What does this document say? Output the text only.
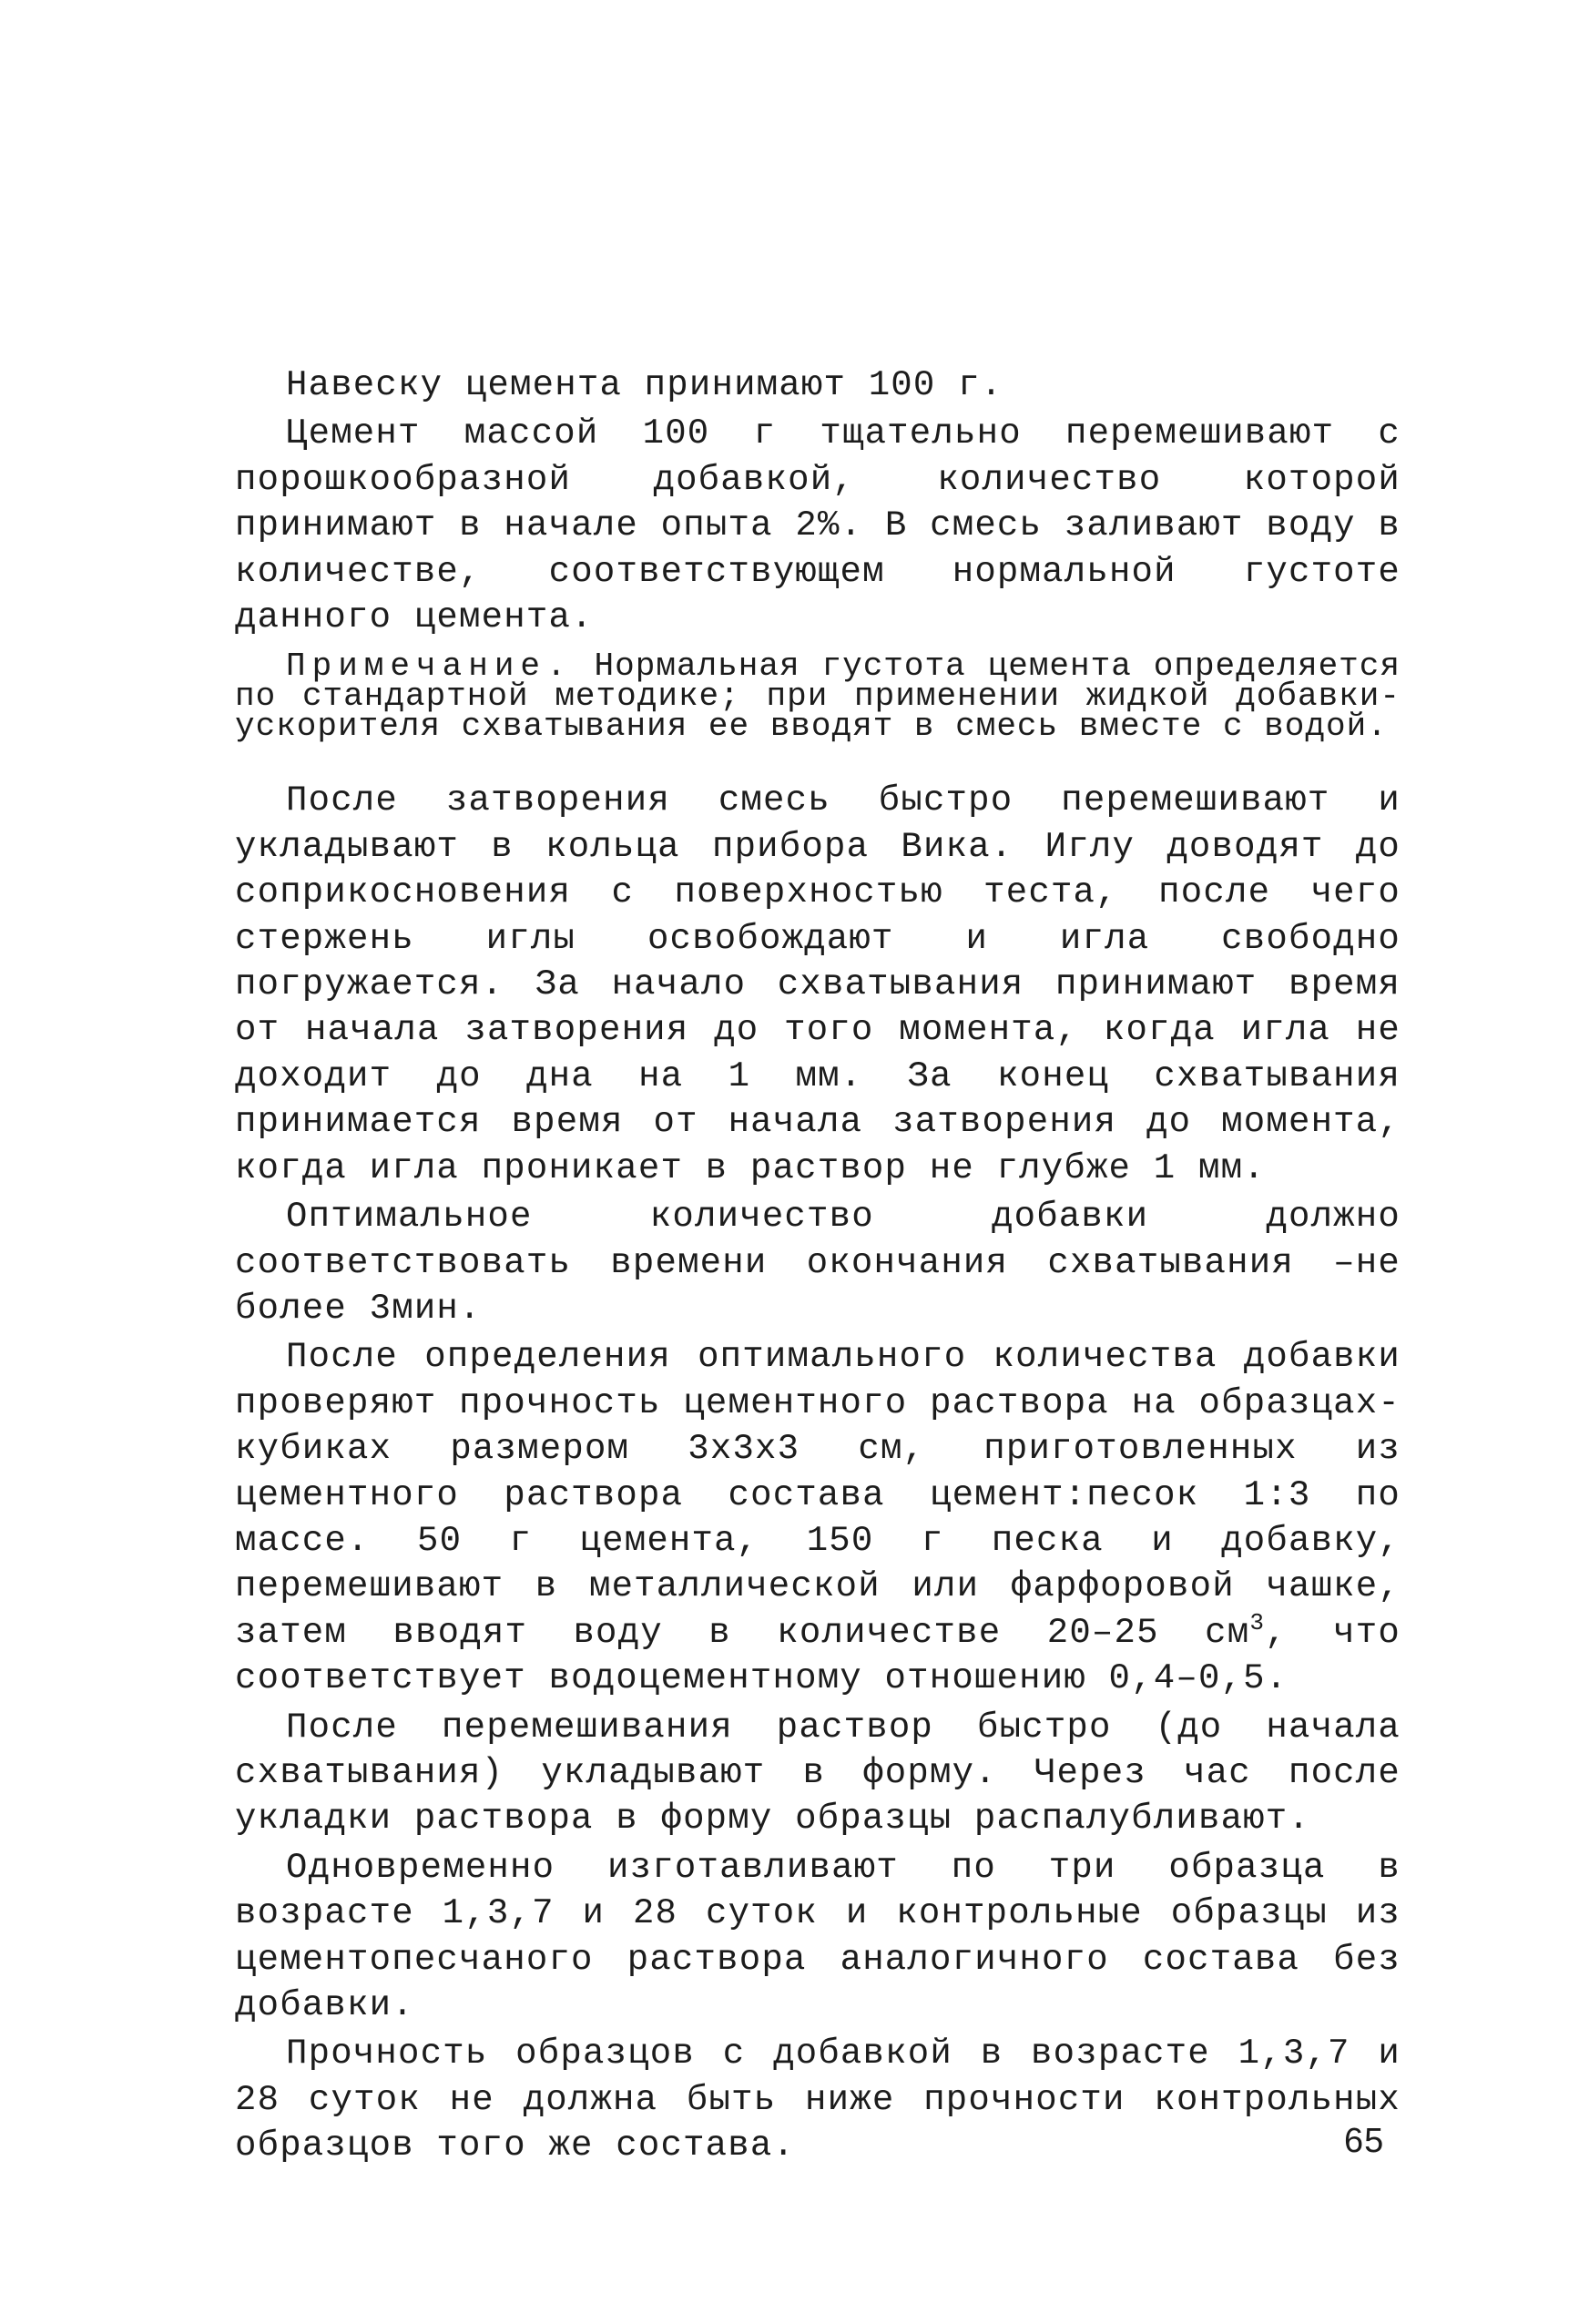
Навеску цемента принимают 100 г.

Цемент массой 100 г тщательно перемешивают с порошкообразной добавкой, количество которой принимают в начале опыта 2%. В смесь заливают воду в количестве, соответствующем нормальной густоте данного цемента.

Примечание. Нормальная густота цемента определяется по стандартной методике; при применении жидкой добавки-ускорителя схватывания ее вводят в смесь вместе с водой.

После затворения смесь быстро перемешивают и укладывают в кольца прибора Вика. Иглу доводят до соприкосновения с поверхностью теста, после чего стержень иглы освобождают и игла свободно погружается. За начало схватывания принимают время от начала затворения до того момента, когда игла не доходит до дна на 1 мм. За конец схватывания принимается время от начала затворения до момента, когда игла проникает в раствор не глубже 1 мм.

Оптимальное количество добавки должно соответствовать времени окончания схватывания –не более 3мин.

После определения оптимального количества добавки проверяют прочность цементного раствора на образцах-кубиках размером 3x3x3 см, приготовленных из цементного раствора состава цемент:песок 1:3 по массе. 50 г цемента, 150 г песка и добавку, перемешивают в металлической или фарфоровой чашке, затем вводят воду в количестве 20–25 $см^3$, что соответствует водоцементному отношению 0,4–0,5.

После перемешивания раствор быстро (до начала схватывания) укладывают в форму. Через час после укладки раствора в форму образцы распалубливают.

Одновременно изготавливают по три образца в возрасте 1,3,7 и 28 суток и контрольные образцы из цементопесчаного раствора аналогичного состава без добавки.

Прочность образцов с добавкой в возрасте 1,3,7 и 28 суток не должна быть ниже прочности контрольных образцов того же состава.	65
